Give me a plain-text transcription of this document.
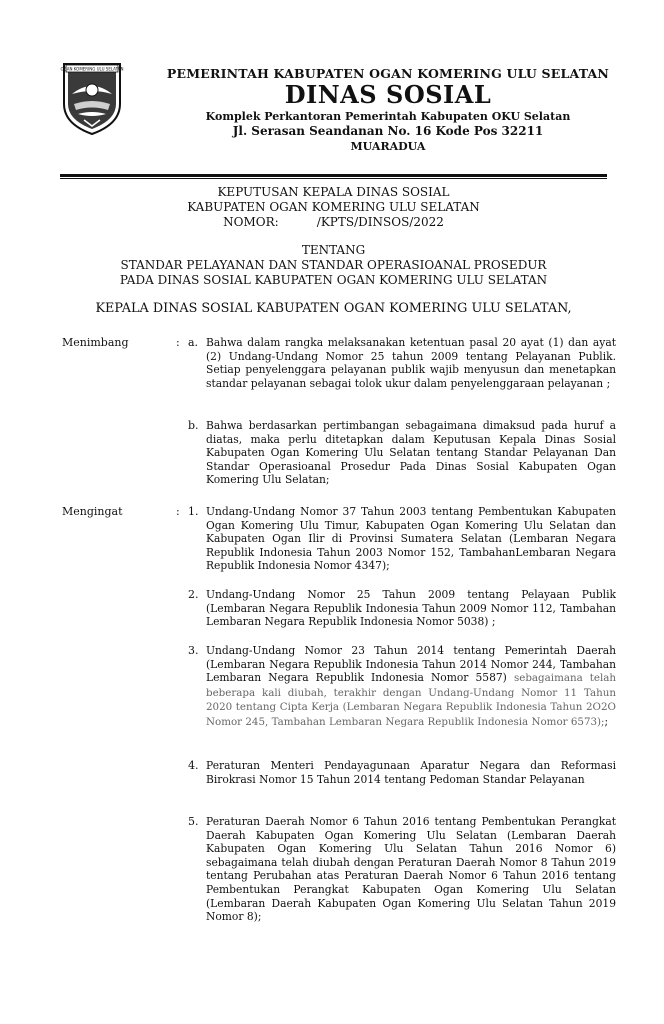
OGAN KOMERING ULU SELATAN	PEMERINTAH KABUPATEN OGAN KOMERING ULU SELATAN
DINAS SOSIAL
Komplek Perkantoran Pemerintah Kabupaten OKU Selatan
Jl. Serasan Seandanan No. 16 Kode Pos 32211
MUARADUA
KEPUTUSAN KEPALA DINAS SOSIAL
KABUPATEN OGAN KOMERING ULU SELATAN
NOMOR:          /KPTS/DINSOS/2022
TENTANG
STANDAR PELAYANAN DAN STANDAR OPERASIOANAL PROSEDUR
PADA DINAS SOSIAL KABUPATEN OGAN KOMERING ULU SELATAN
KEPALA DINAS SOSIAL KABUPATEN OGAN KOMERING ULU SELATAN,
Menimbang	: a. Bahwa dalam rangka melaksanakan ketentuan pasal 20 ayat (1) dan ayat (2) Undang-Undang Nomor 25 tahun 2009 tentang Pelayanan Publik. Setiap penyelenggara pelayanan publik wajib menyusun dan menetapkan standar pelayanan sebagai tolok ukur dalam penyelenggaraan pelayanan ;

b. Bahwa berdasarkan pertimbangan sebagaimana dimaksud pada huruf a diatas, maka perlu ditetapkan dalam Keputusan Kepala Dinas Sosial Kabupaten Ogan Komering Ulu Selatan tentang Standar Pelayanan Dan Standar Operasioanal Prosedur Pada Dinas Sosial Kabupaten Ogan Komering Ulu Selatan;

Mengingat	: 1. Undang-Undang Nomor 37 Tahun 2003 tentang Pembentukan Kabupaten Ogan Komering Ulu Timur, Kabupaten Ogan Komering Ulu Selatan dan Kabupaten Ogan Ilir di Provinsi Sumatera Selatan (Lembaran Negara Republik Indonesia Tahun 2003 Nomor 152, TambahanLembaran Negara Republik Indonesia Nomor 4347);

2. Undang-Undang Nomor 25 Tahun 2009 tentang Pelayaan Publik (Lembaran Negara Republik Indonesia Tahun 2009 Nomor 112, Tambahan Lembaran Negara Republik Indonesia Nomor 5038) ;

3. Undang-Undang Nomor 23 Tahun 2014 tentang Pemerintah Daerah (Lembaran Negara Republik Indonesia Tahun 2014 Nomor 244, Tambahan Lembaran Negara Republik Indonesia Nomor 5587) sebagaimana telah beberapa kali diubah, terakhir dengan Undang-Undang Nomor 11 Tahun 2020 tentang Cipta Kerja (Lembaran Negara Republik Indonesia Tahun 2O2O Nomor 245, Tambahan Lembaran Negara Republik Indonesia Nomor 6573);;

4. Peraturan Menteri Pendayagunaan Aparatur Negara dan Reformasi Birokrasi Nomor 15 Tahun 2014 tentang Pedoman Standar Pelayanan

5. Peraturan Daerah Nomor 6 Tahun 2016 tentang Pembentukan Perangkat Daerah Kabupaten Ogan Komering Ulu Selatan (Lembaran Daerah Kabupaten Ogan Komering Ulu Selatan Tahun 2016 Nomor 6) sebagaimana telah diubah dengan Peraturan Daerah Nomor 8 Tahun 2019 tentang Perubahan atas Peraturan Daerah Nomor 6 Tahun 2016 tentang Pembentukan Perangkat Kabupaten Ogan Komering Ulu Selatan (Lembaran Daerah Kabupaten Ogan Komering Ulu Selatan Tahun 2019 Nomor 8);
